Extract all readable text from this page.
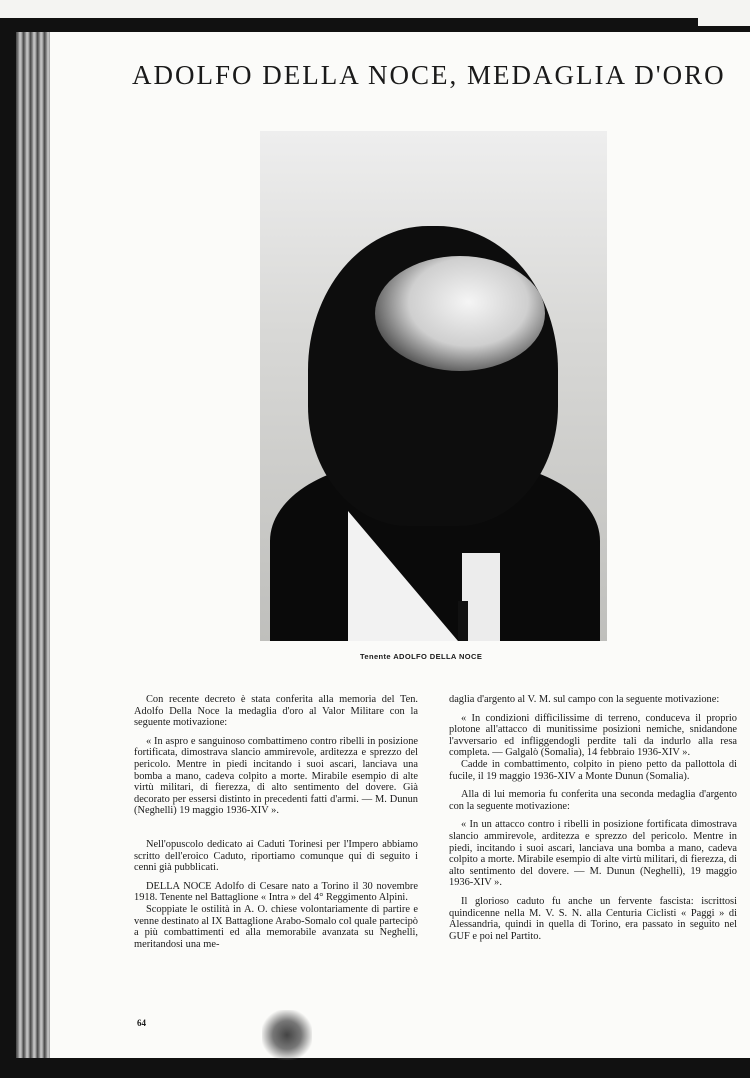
ADOLFO DELLA NOCE, MEDAGLIA D'ORO
Tenente ADOLFO DELLA NOCE

Con recente decreto è stata conferita alla memoria del Ten. Adolfo Della Noce la medaglia d'oro al Valor Militare con la seguente motivazione:

« In aspro e sanguinoso combattimeno contro ribelli in posizione fortificata, dimostrava slancio ammirevole, arditezza e sprezzo del pericolo. Mentre in piedi incitando i suoi ascari, lanciava una bomba a mano, cadeva colpito a morte. Mirabile esempio di alte virtù militari, di fierezza, di alto sentimento del dovere. Già decorato per essersi distinto in precedenti fatti d'armi. — M. Dunun (Neghelli) 19 maggio 1936-XIV ».

Nell'opuscolo dedicato ai Caduti Torinesi per l'Impero abbiamo scritto dell'eroico Caduto, riportiamo comunque qui di seguito i cenni già pubblicati.

DELLA NOCE Adolfo di Cesare nato a Torino il 30 novembre 1918. Tenente nel Battaglione « Intra » del 4° Reggimento Alpini.

Scoppiate le ostilità in A. O. chiese volontariamente di partire e venne destinato al IX Battaglione Arabo-Somalo col quale partecipò a più combattimenti ed alla memorabile avanzata su Neghelli, meritandosi una me-

daglia d'argento al V. M. sul campo con la seguente motivazione:

« In condizioni difficilissime di terreno, conduceva il proprio plotone all'attacco di munitissime posizioni nemiche, snidandone l'avversario ed infliggendogli perdite tali da indurlo alla resa completa. — Galgalò (Somalia), 14 febbraio 1936-XIV ».

Cadde in combattimento, colpito in pieno petto da pallottola di fucile, il 19 maggio 1936-XIV a Monte Dunun (Somalia).

Alla di lui memoria fu conferita una seconda medaglia d'argento con la seguente motivazione:

« In un attacco contro i ribelli in posizione fortificata dimostrava slancio ammirevole, arditezza e sprezzo del pericolo. Mentre in piedi, incitando i suoi ascari, lanciava una bomba a mano, cadeva colpito a morte. Mirabile esempio di alte virtù militari, di fierezza, di alto sentimento del dovere. — M. Dunun (Neghelli), 19 maggio 1936-XIV ».

Il glorioso caduto fu anche un fervente fascista: iscrittosi quindicenne nella M. V. S. N. alla Centuria Ciclisti « Paggi » di Alessandria, quindi in quella di Torino, era passato in seguito nel GUF e poi nel Partito.

64
